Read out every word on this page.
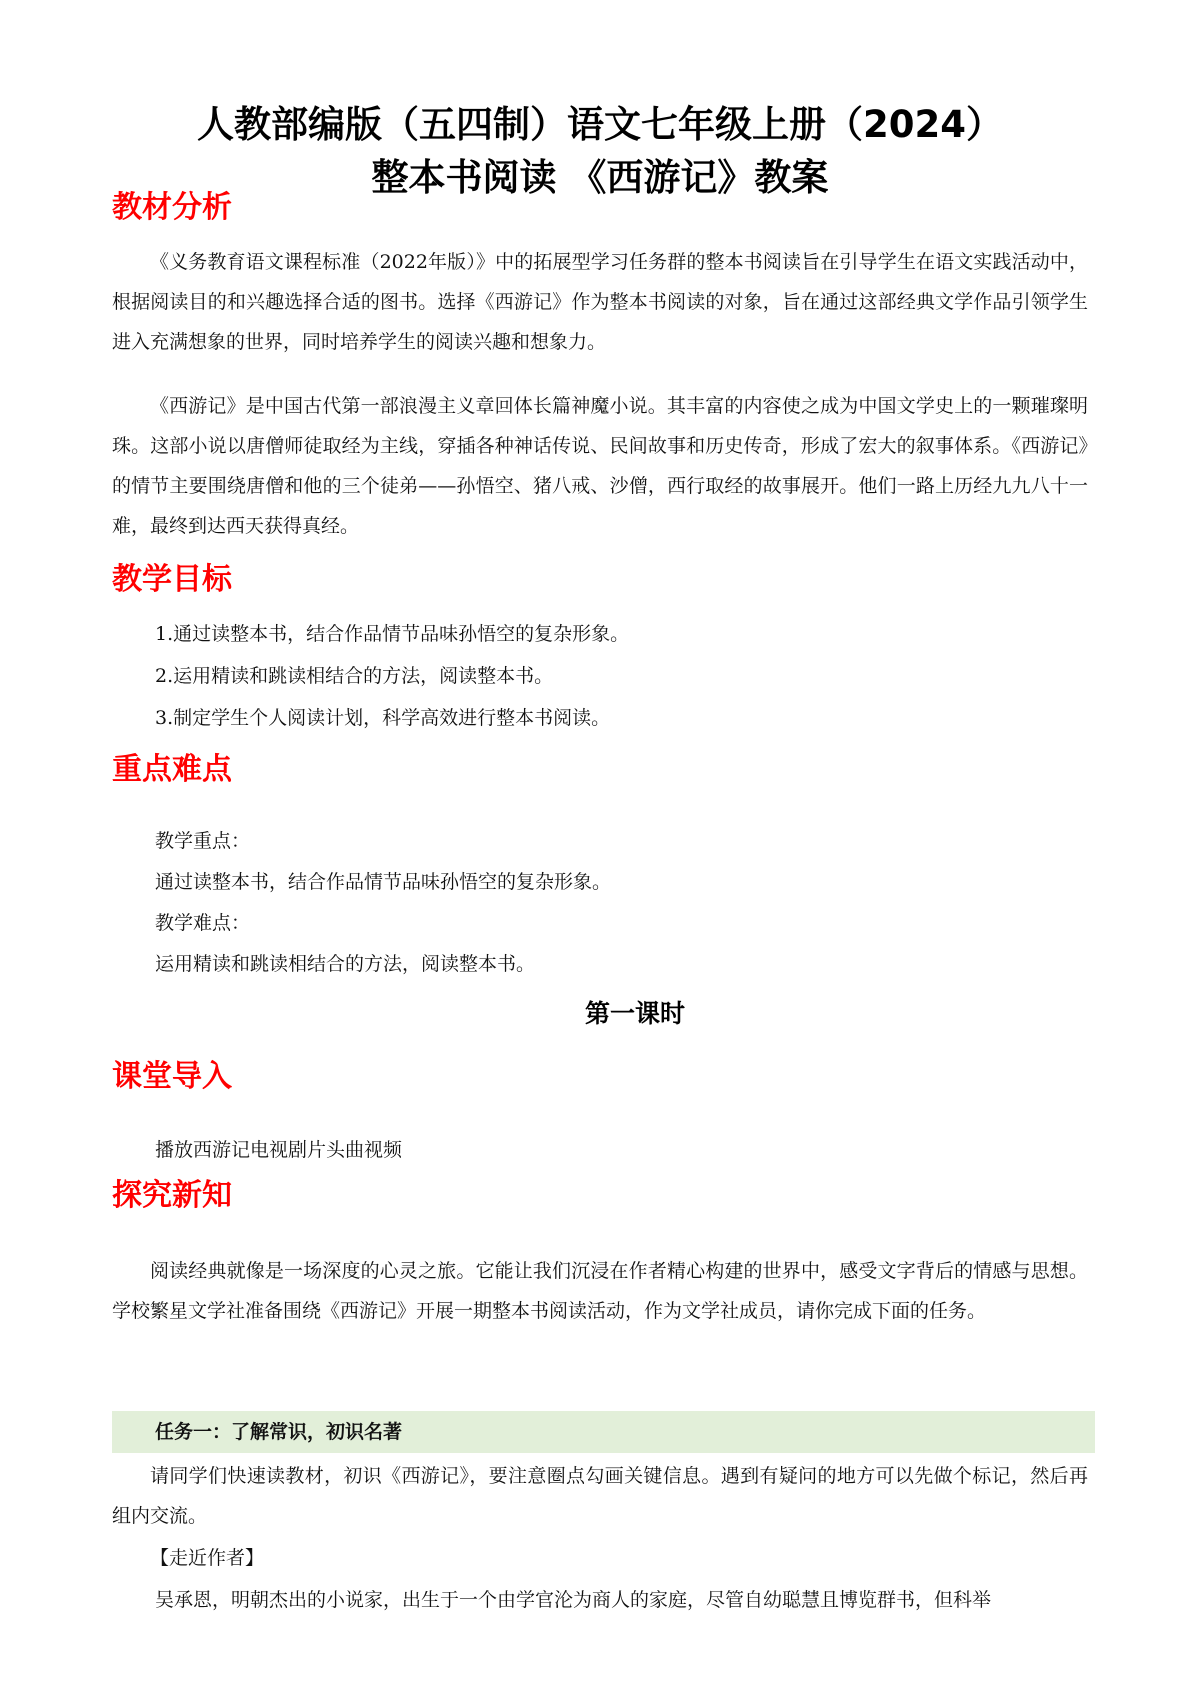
人教部编版（五四制）语文七年级上册（2024）
整本书阅读 《西游记》教案
教材分析
《义务教育语文课程标准（2022年版）》中的拓展型学习任务群的整本书阅读旨在引导学生在语文实践活动中，根据阅读目的和兴趣选择合适的图书。选择《西游记》作为整本书阅读的对象，旨在通过这部经典文学作品引领学生进入充满想象的世界，同时培养学生的阅读兴趣和想象力。
《西游记》是中国古代第一部浪漫主义章回体长篇神魔小说。其丰富的内容使之成为中国文学史上的一颗璀璨明珠。这部小说以唐僧师徒取经为主线，穿插各种神话传说、民间故事和历史传奇，形成了宏大的叙事体系。《西游记》的情节主要围绕唐僧和他的三个徒弟——孙悟空、猪八戒、沙僧，西行取经的故事展开。他们一路上历经九九八十一难，最终到达西天获得真经。
教学目标
1.通过读整本书，结合作品情节品味孙悟空的复杂形象。
2.运用精读和跳读相结合的方法，阅读整本书。
3.制定学生个人阅读计划，科学高效进行整本书阅读。
重点难点
教学重点：
通过读整本书，结合作品情节品味孙悟空的复杂形象。
教学难点：
运用精读和跳读相结合的方法，阅读整本书。
第一课时
课堂导入
播放西游记电视剧片头曲视频
探究新知
阅读经典就像是一场深度的心灵之旅。它能让我们沉浸在作者精心构建的世界中，感受文字背后的情感与思想。学校繁星文学社准备围绕《西游记》开展一期整本书阅读活动，作为文学社成员，请你完成下面的任务。
任务一：了解常识，初识名著
请同学们快速读教材，初识《西游记》，要注意圈点勾画关键信息。遇到有疑问的地方可以先做个标记，然后再组内交流。
【走近作者】
吴承恩，明朝杰出的小说家，出生于一个由学官沦为商人的家庭，尽管自幼聪慧且博览群书，但科举
